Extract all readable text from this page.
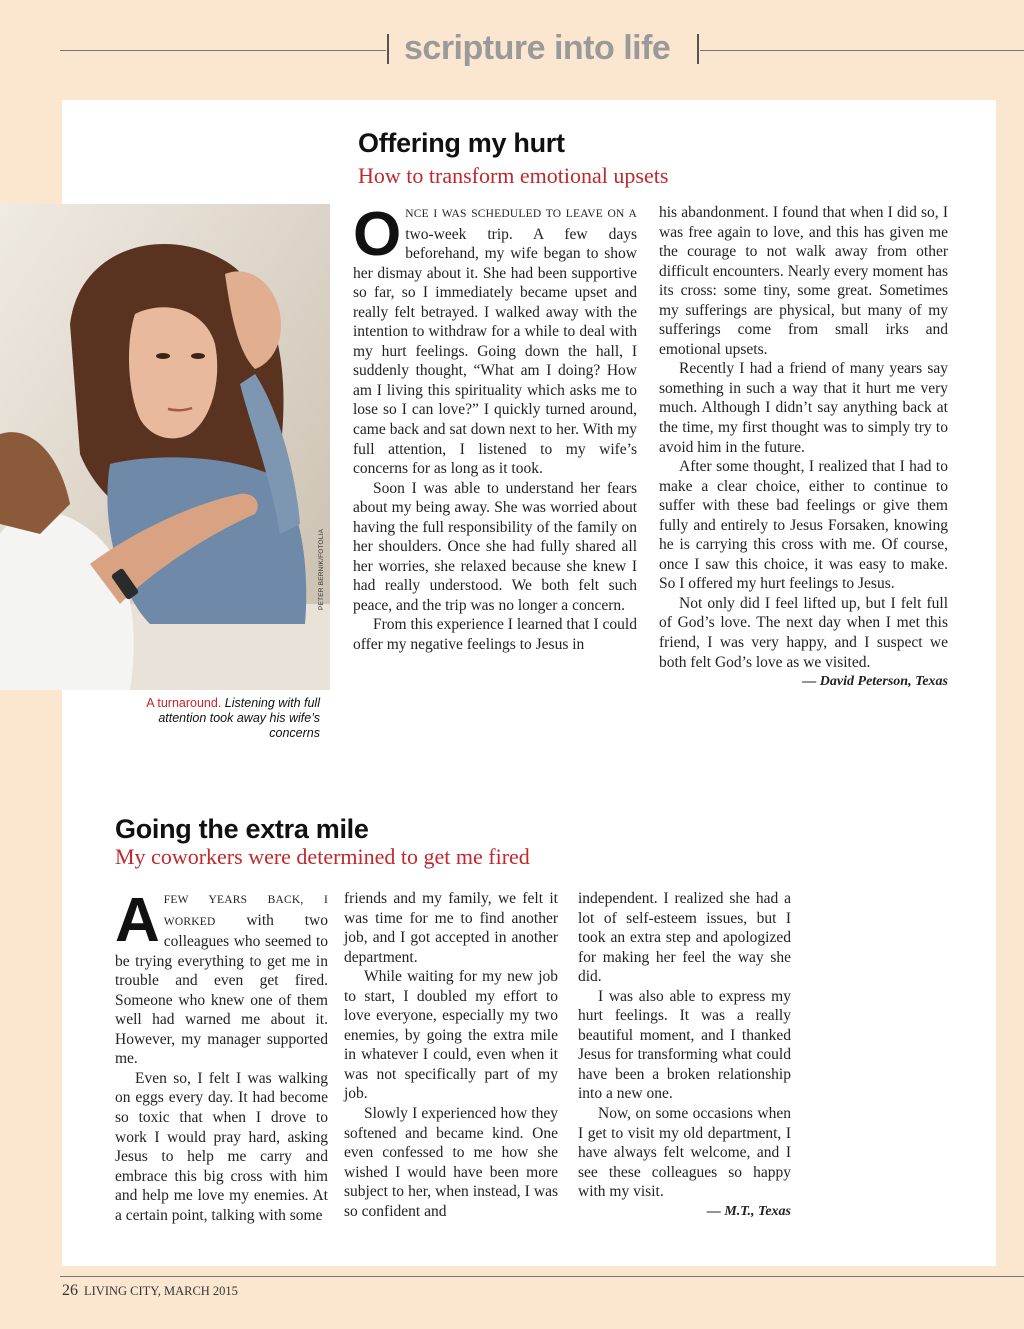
scripture into life
PETER BERNIK/FOTOLIA
A turnaround. Listening with full attention took away his wife’s concerns
Offering my hurt
How to transform emotional upsets

ONCE I WAS SCHEDULED TO LEAVE ON A two-week trip. A few days beforehand, my wife began to show her dismay about it. She had been supportive so far, so I immediately became upset and really felt betrayed. I walked away with the intention to withdraw for a while to deal with my hurt feelings. Going down the hall, I suddenly thought, “What am I doing? How am I living this spirituality which asks me to lose so I can love?” I quickly turned around, came back and sat down next to her. With my full attention, I listened to my wife’s concerns for as long as it took.

Soon I was able to understand her fears about my being away. She was worried about having the full responsibility of the family on her shoulders. Once she had fully shared all her worries, she relaxed because she knew I had really understood. We both felt such peace, and the trip was no longer a concern.

From this experience I learned that I could offer my negative feelings to Jesus in

his abandonment. I found that when I did so, I was free again to love, and this has given me the courage to not walk away from other difficult encounters. Nearly every moment has its cross: some tiny, some great. Sometimes my sufferings are physical, but many of my sufferings come from small irks and emotional upsets.

Recently I had a friend of many years say something in such a way that it hurt me very much. Although I didn’t say anything back at the time, my first thought was to simply try to avoid him in the future.

After some thought, I realized that I had to make a clear choice, either to continue to suffer with these bad feelings or give them fully and entirely to Jesus Forsaken, knowing he is carrying this cross with me. Of course, once I saw this choice, it was easy to make. So I offered my hurt feelings to Jesus.

Not only did I feel lifted up, but I felt full of God’s love. The next day when I met this friend, I was very happy, and I suspect we both felt God’s love as we visited.

— David Peterson, Texas

Going the extra mile
My coworkers were determined to get me fired

AFEW YEARS BACK, I WORKED with two colleagues who seemed to be trying everything to get me in trouble and even get fired. Someone who knew one of them well had warned me about it. However, my manager supported me.

Even so, I felt I was walking on eggs every day. It had become so toxic that when I drove to work I would pray hard, asking Jesus to help me carry and embrace this big cross with him and help me love my enemies. At a certain point, talking with some

friends and my family, we felt it was time for me to find another job, and I got accepted in another department.

While waiting for my new job to start, I doubled my effort to love everyone, especially my two enemies, by going the extra mile in whatever I could, even when it was not specifically part of my job.

Slowly I experienced how they softened and became kind. One even confessed to me how she wished I would have been more subject to her, when instead, I was so confident and

independent. I realized she had a lot of self-esteem issues, but I took an extra step and apologized for making her feel the way she did.

I was also able to express my hurt feelings. It was a really beautiful moment, and I thanked Jesus for transforming what could have been a broken relationship into a new one.

Now, on some occasions when I get to visit my old department, I have always felt welcome, and I see these colleagues so happy with my visit.

— M.T., Texas

26 LIVING CITY, MARCH 2015
